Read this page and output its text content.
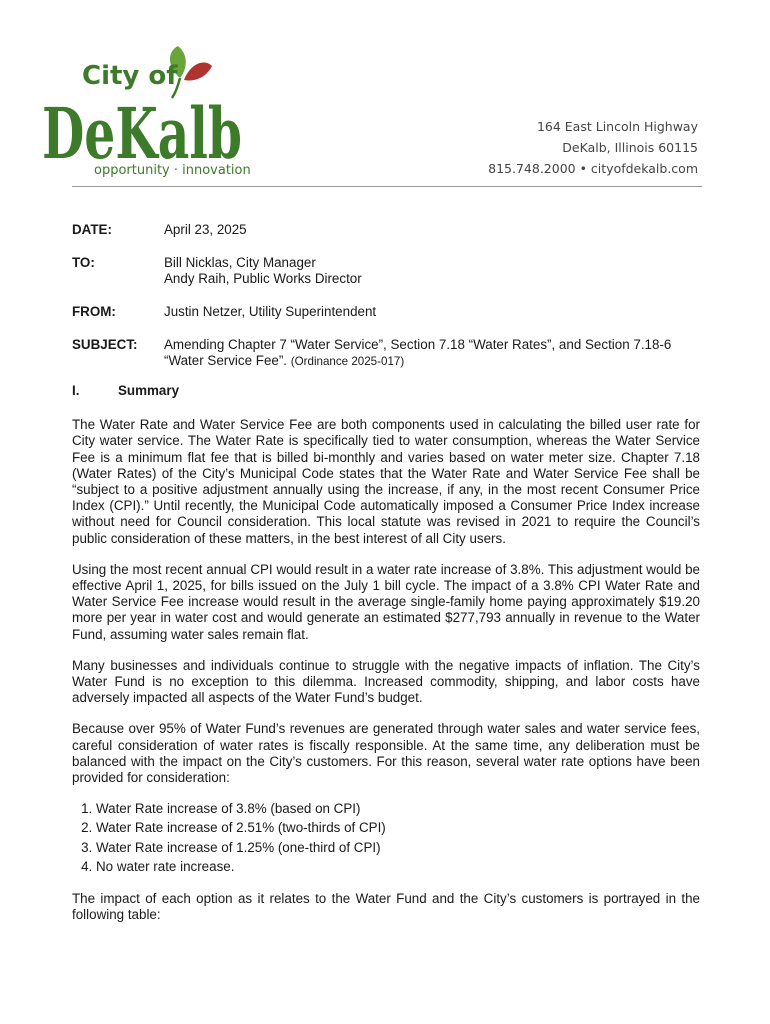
City of
DeKalb
opportunity · innovation
164 East Lincoln Highway
DeKalb, Illinois 60115
815.748.2000 • cityofdekalb.com
DATE:	April 23, 2025
TO:	Bill Nicklas, City Manager
Andy Raih, Public Works Director
FROM:	Justin Netzer, Utility Superintendent
SUBJECT:	Amending Chapter 7 “Water Service”, Section 7.18 “Water Rates”, and Section 7.18-6
“Water Service Fee”. (Ordinance 2025-017)
I.	Summary

The Water Rate and Water Service Fee are both components used in calculating the billed user rate for City water service. The Water Rate is specifically tied to water consumption, whereas the Water Service Fee is a minimum flat fee that is billed bi-monthly and varies based on water meter size. Chapter 7.18 (Water Rates) of the City’s Municipal Code states that the Water Rate and Water Service Fee shall be “subject to a positive adjustment annually using the increase, if any, in the most recent Consumer Price Index (CPI).” Until recently, the Municipal Code automatically imposed a Consumer Price Index increase without need for Council consideration. This local statute was revised in 2021 to require the Council’s public consideration of these matters, in the best interest of all City users.

Using the most recent annual CPI would result in a water rate increase of 3.8%. This adjustment would be effective April 1, 2025, for bills issued on the July 1 bill cycle. The impact of a 3.8% CPI Water Rate and Water Service Fee increase would result in the average single-family home paying approximately $19.20 more per year in water cost and would generate an estimated $277,793 annually in revenue to the Water Fund, assuming water sales remain flat.

Many businesses and individuals continue to struggle with the negative impacts of inflation. The City’s Water Fund is no exception to this dilemma. Increased commodity, shipping, and labor costs have adversely impacted all aspects of the Water Fund’s budget.

Because over 95% of Water Fund’s revenues are generated through water sales and water service fees, careful consideration of water rates is fiscally responsible. At the same time, any deliberation must be balanced with the impact on the City’s customers. For this reason, several water rate options have been provided for consideration:

1. Water Rate increase of 3.8% (based on CPI)
2. Water Rate increase of 2.51% (two-thirds of CPI)
3. Water Rate increase of 1.25% (one-third of CPI)
4. No water rate increase.

The impact of each option as it relates to the Water Fund and the City’s customers is portrayed in the following table:
